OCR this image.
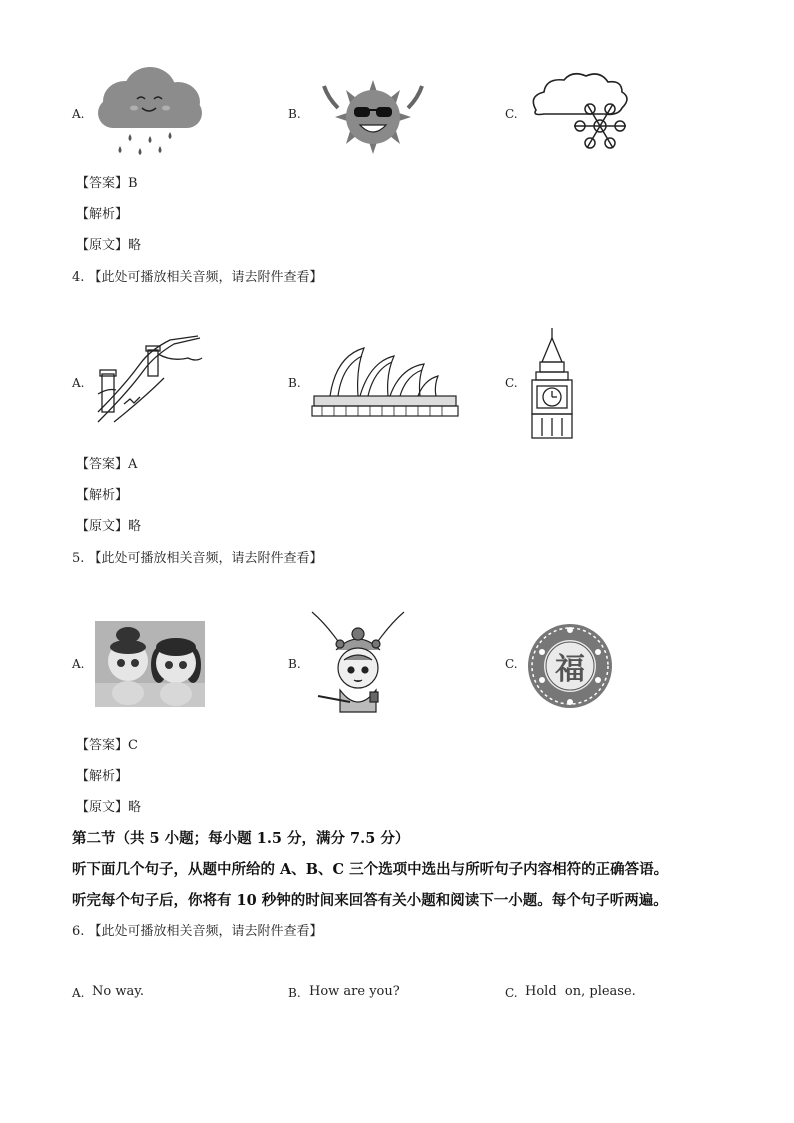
A.	B.	C.
【答案】B
【解析】
【原文】略
4. 【此处可播放相关音频，请去附件查看】
A.	B.	C.
【答案】A
【解析】
【原文】略
5. 【此处可播放相关音频，请去附件查看】
A.	B.	C.	福
【答案】C
【解析】
【原文】略
第二节（共 5 小题；每小题 1.5 分，满分 7.5 分）
听下面几个句子，从题中所给的 A、B、C 三个选项中选出与所听句子内容相符的正确答语。
听完每个句子后，你将有 10 秒钟的时间来回答有关小题和阅读下一小题。每个句子听两遍。
6. 【此处可播放相关音频，请去附件查看】
A. No way.	B. How are you?	C. Hold  on, please.
